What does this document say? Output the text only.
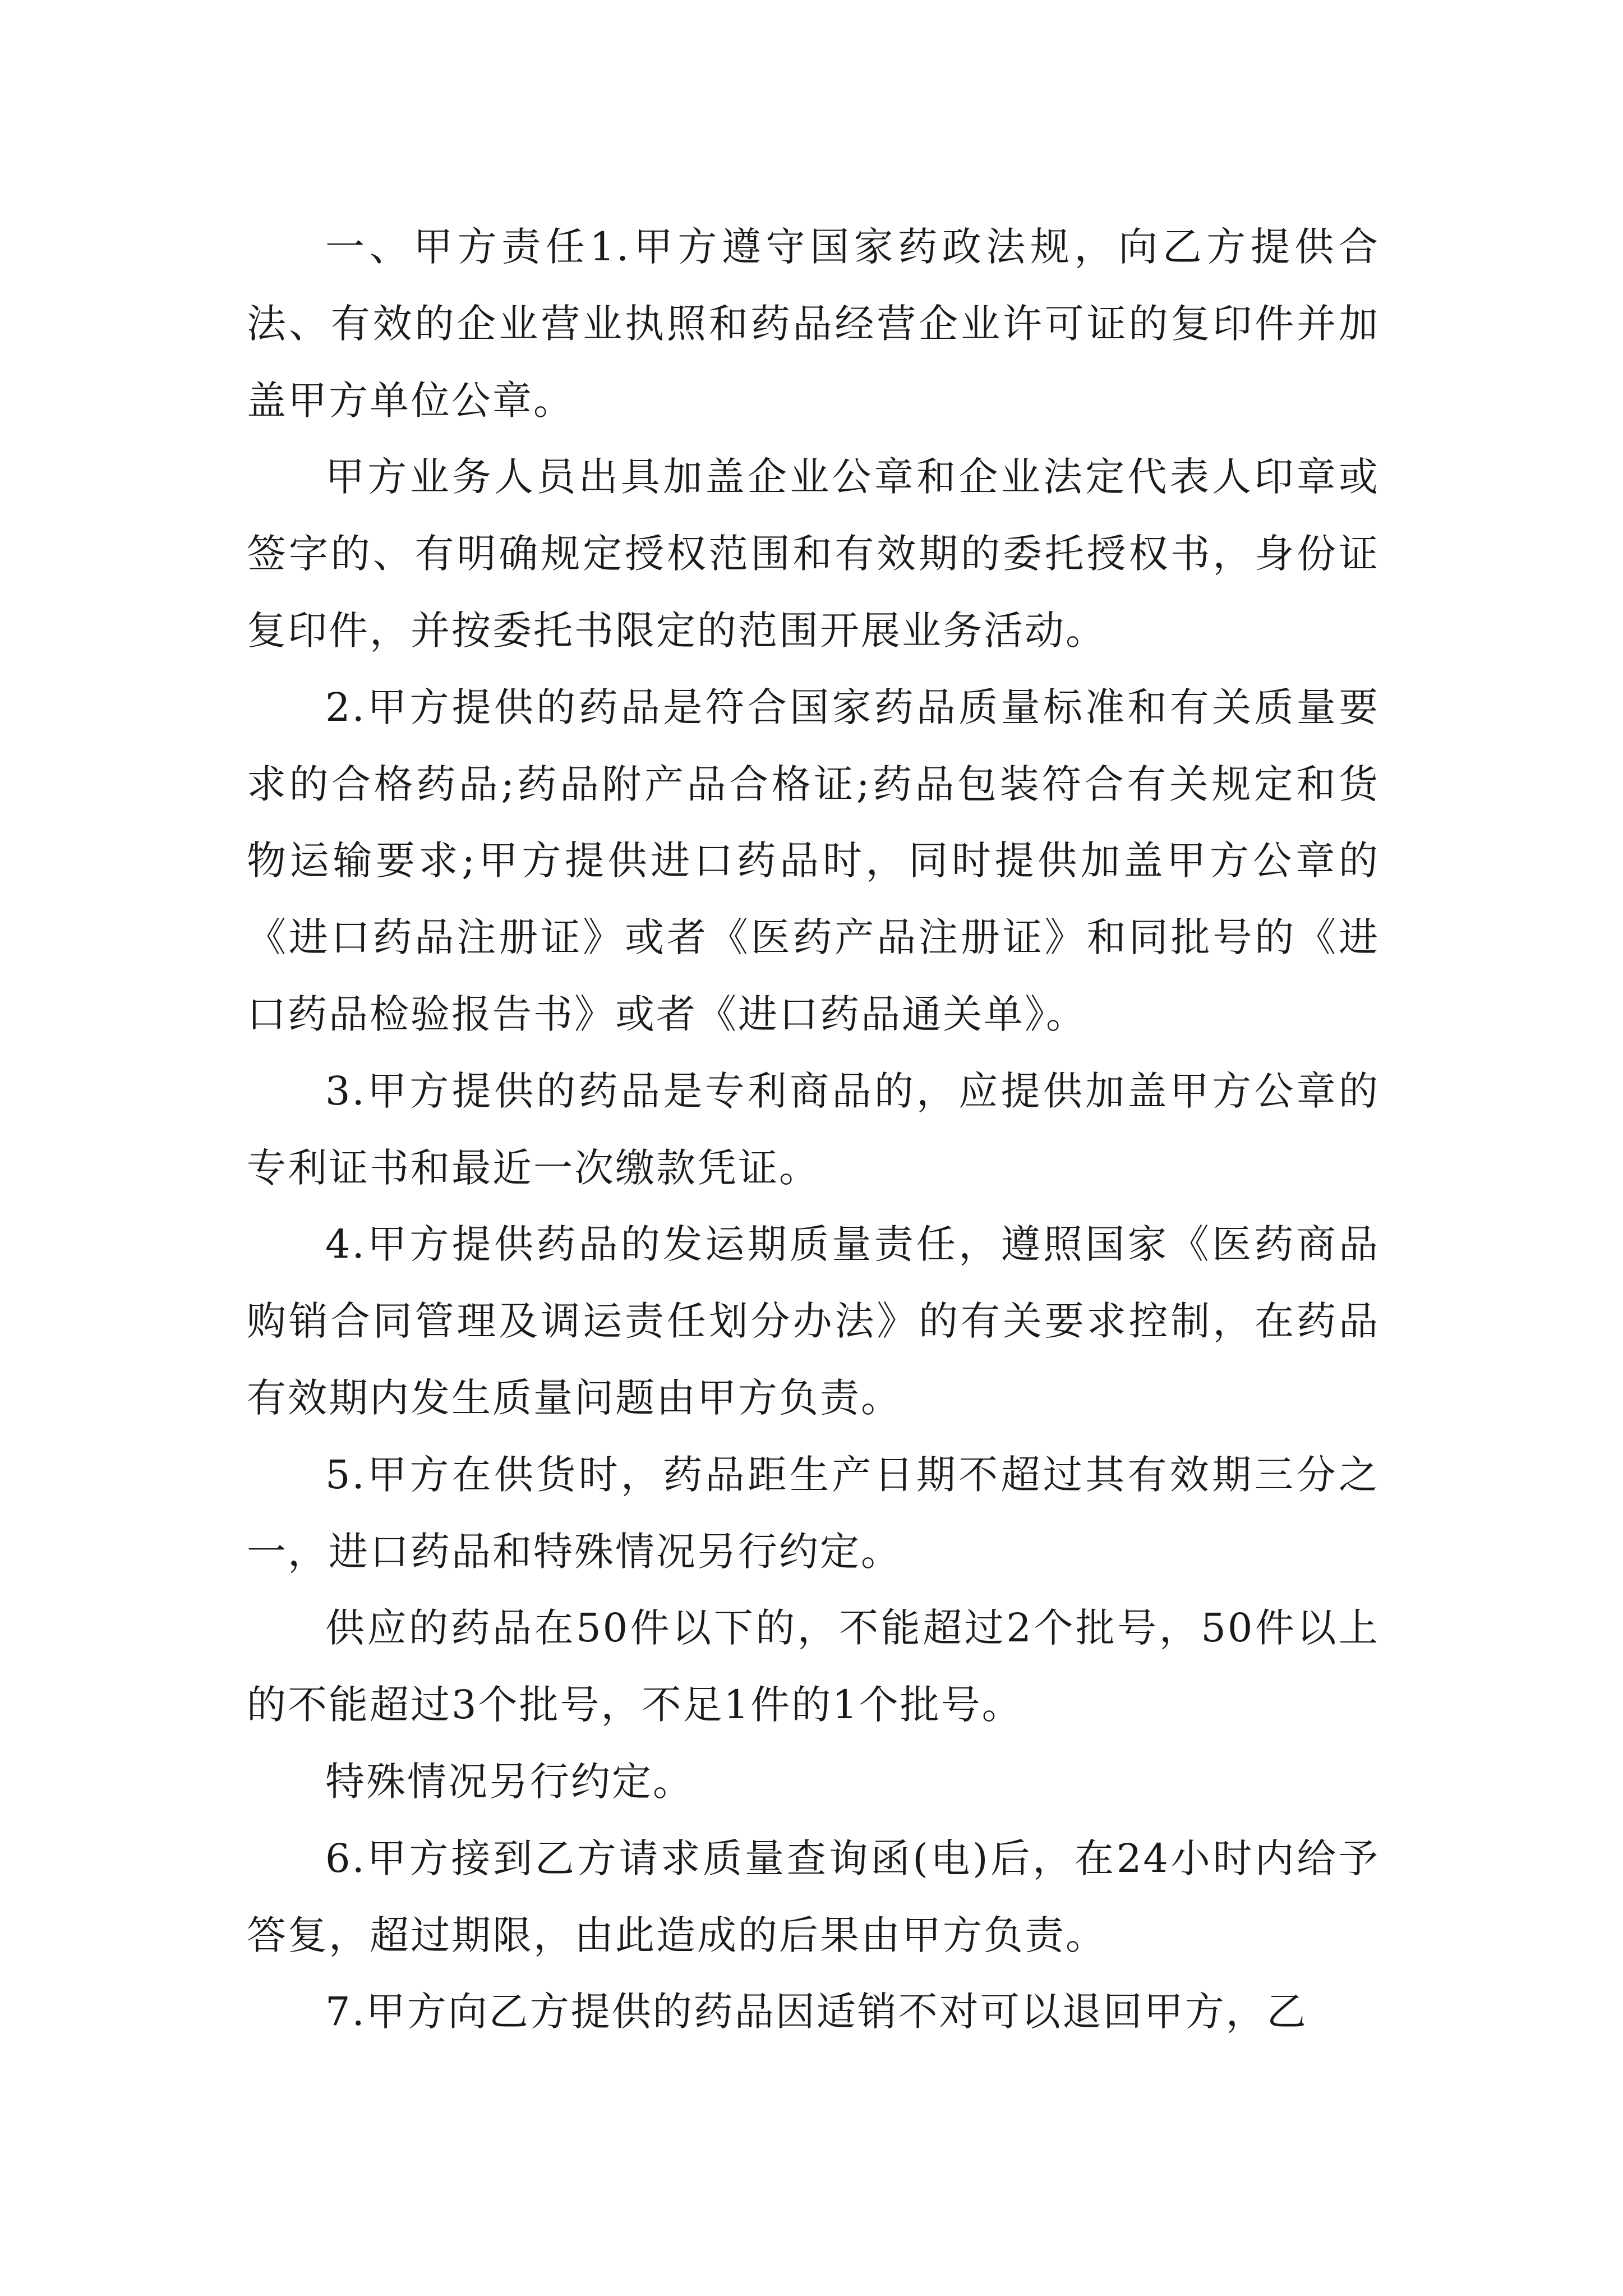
一、甲方责任1.甲方遵守国家药政法规，向乙方提供合法、有效的企业营业执照和药品经营企业许可证的复印件并加盖甲方单位公章。

甲方业务人员出具加盖企业公章和企业法定代表人印章或签字的、有明确规定授权范围和有效期的委托授权书，身份证复印件，并按委托书限定的范围开展业务活动。

2.甲方提供的药品是符合国家药品质量标准和有关质量要求的合格药品;药品附产品合格证;药品包装符合有关规定和货物运输要求;甲方提供进口药品时，同时提供加盖甲方公章的《进口药品注册证》或者《医药产品注册证》和同批号的《进口药品检验报告书》或者《进口药品通关单》。

3.甲方提供的药品是专利商品的，应提供加盖甲方公章的专利证书和最近一次缴款凭证。

4.甲方提供药品的发运期质量责任，遵照国家《医药商品购销合同管理及调运责任划分办法》的有关要求控制，在药品有效期内发生质量问题由甲方负责。

5.甲方在供货时，药品距生产日期不超过其有效期三分之一，进口药品和特殊情况另行约定。

供应的药品在50件以下的，不能超过2个批号，50件以上的不能超过3个批号，不足1件的1个批号。

特殊情况另行约定。

6.甲方接到乙方请求质量查询函(电)后，在24小时内给予答复，超过期限，由此造成的后果由甲方负责。

7.甲方向乙方提供的药品因适销不对可以退回甲方，乙
